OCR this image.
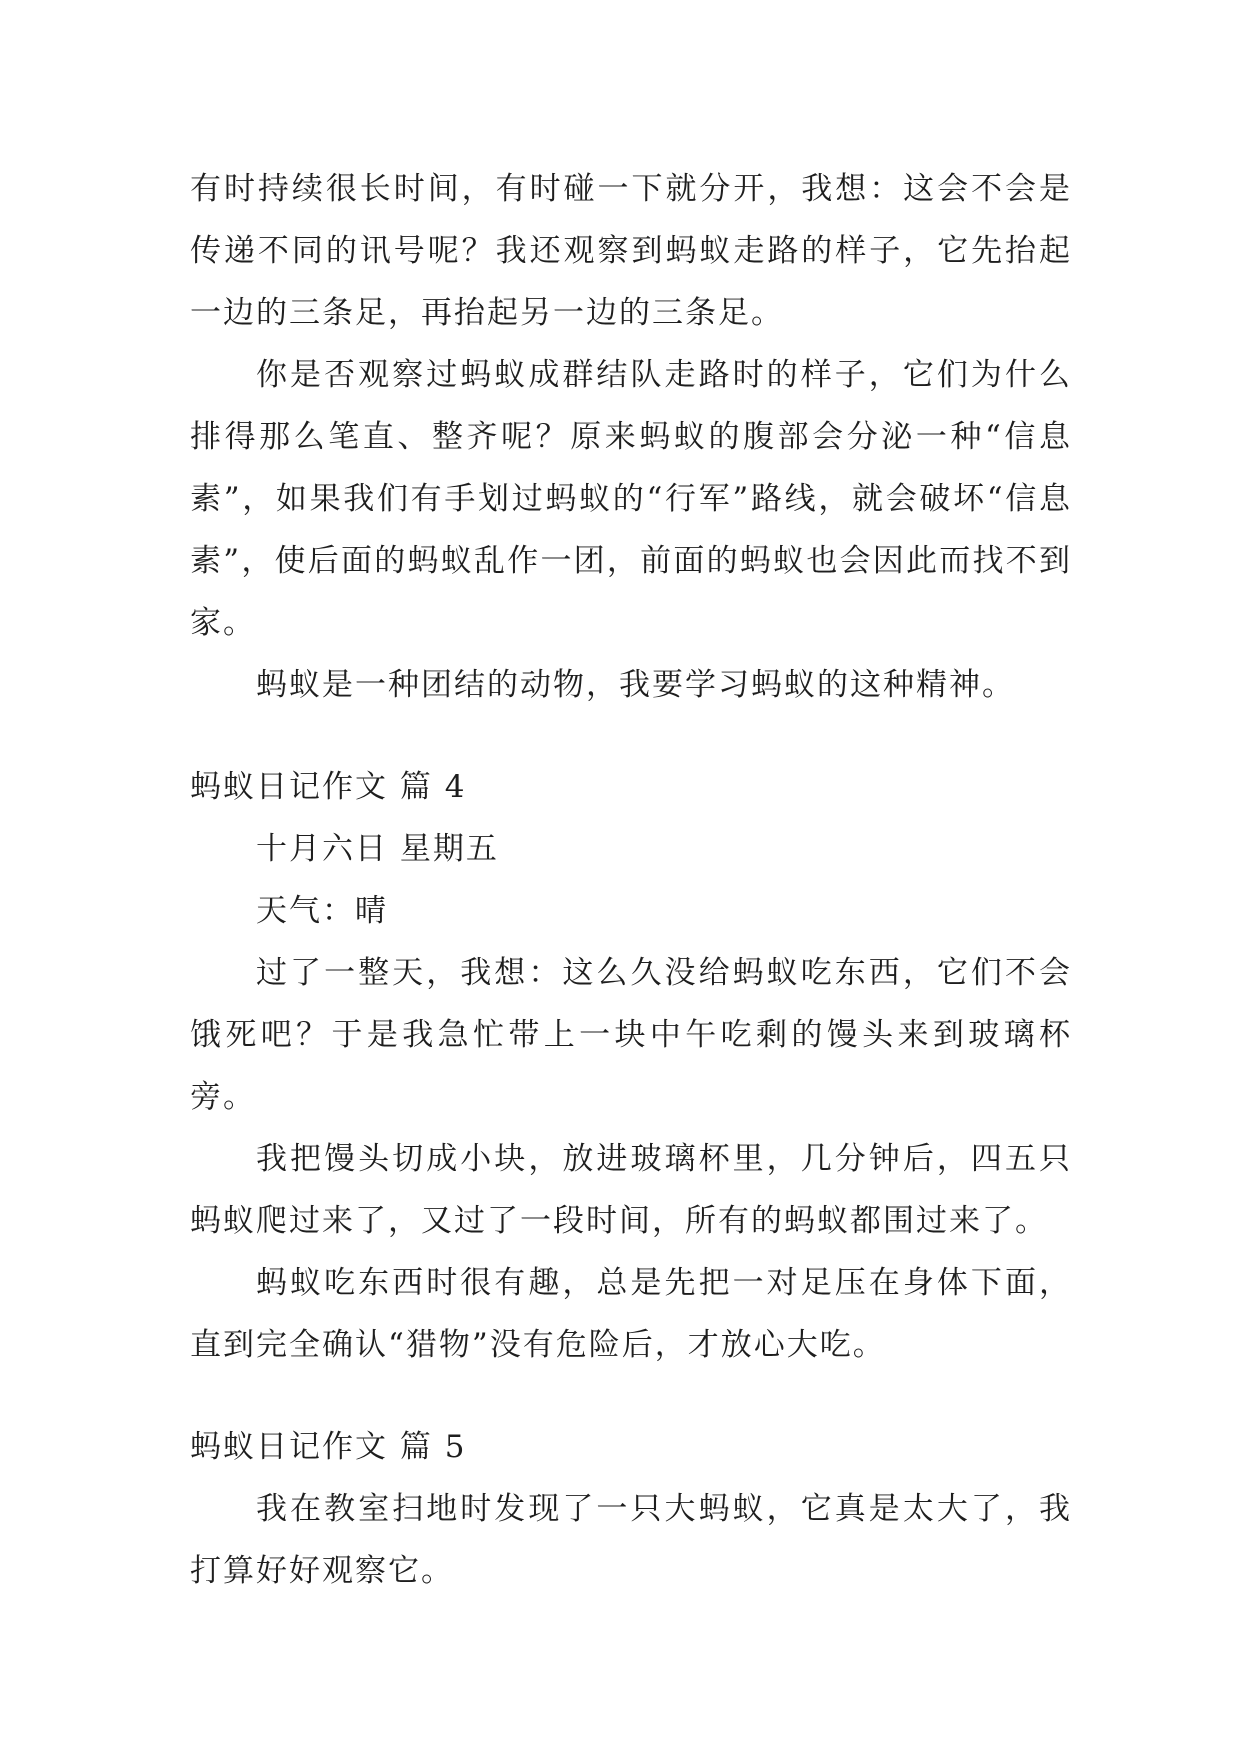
有时持续很长时间，有时碰一下就分开，我想：这会不会是传递不同的讯号呢？我还观察到蚂蚁走路的样子，它先抬起一边的三条足，再抬起另一边的三条足。

你是否观察过蚂蚁成群结队走路时的样子，它们为什么排得那么笔直、整齐呢？原来蚂蚁的腹部会分泌一种“信息素”，如果我们有手划过蚂蚁的“行军”路线，就会破坏“信息素”，使后面的蚂蚁乱作一团，前面的蚂蚁也会因此而找不到家。

蚂蚁是一种团结的动物，我要学习蚂蚁的这种精神。

蚂蚁日记作文 篇 4

十月六日 星期五

天气：晴

过了一整天，我想：这么久没给蚂蚁吃东西，它们不会饿死吧？于是我急忙带上一块中午吃剩的馒头来到玻璃杯旁。

我把馒头切成小块，放进玻璃杯里，几分钟后，四五只蚂蚁爬过来了，又过了一段时间，所有的蚂蚁都围过来了。

蚂蚁吃东西时很有趣，总是先把一对足压在身体下面，直到完全确认“猎物”没有危险后，才放心大吃。

蚂蚁日记作文 篇 5

我在教室扫地时发现了一只大蚂蚁，它真是太大了，我打算好好观察它。
